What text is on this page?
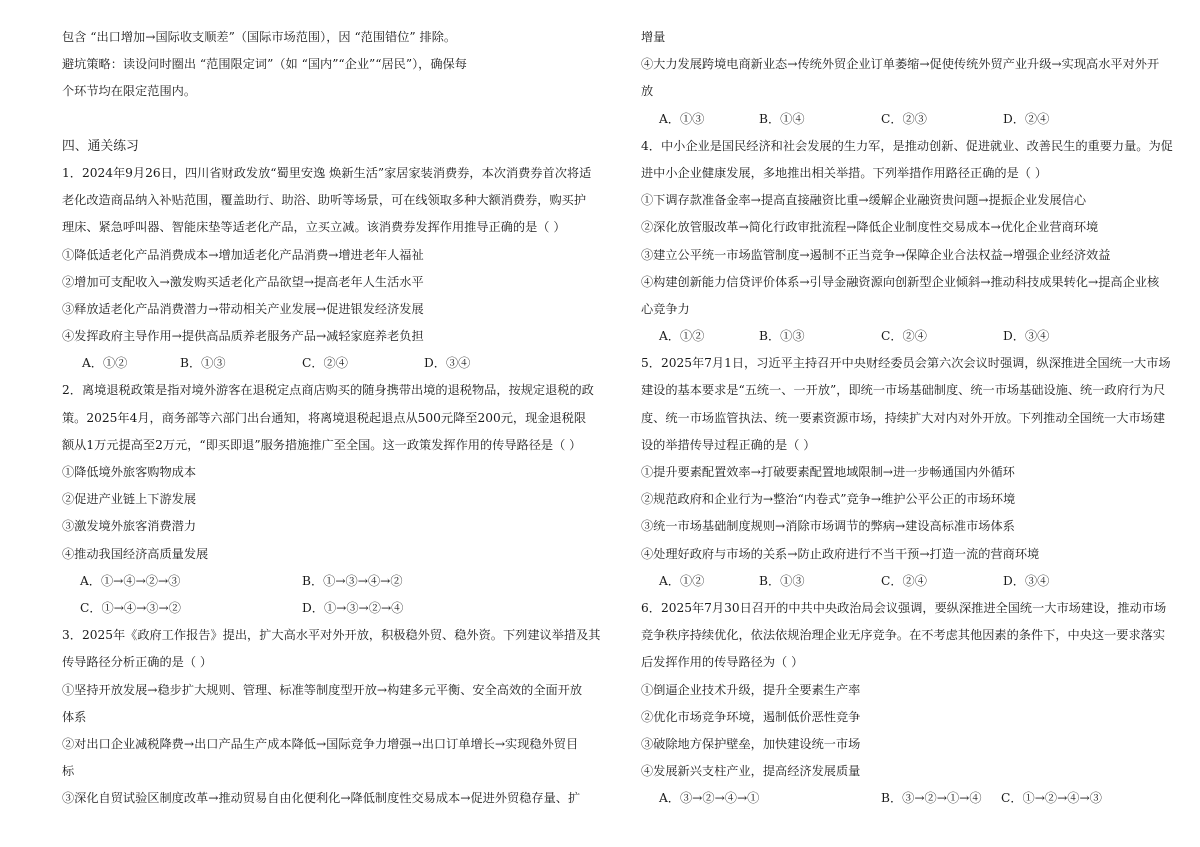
包含 “出口增加→国际收支顺差”（国际市场范围），因 “范围错位” 排除。
避坑策略：读设问时圈出 “范围限定词”（如 “国内”“企业”“居民”），确保每
个环节均在限定范围内。
四、通关练习
1．2024年9月26日，四川省财政发放“蜀里安逸 焕新生活”家居家装消费券，本次消费券首次将适
老化改造商品纳入补贴范围，覆盖助行、助浴、助听等场景，可在线领取多种大额消费券，购买护
理床、紧急呼叫器、智能床垫等适老化产品，立买立减。该消费券发挥作用推导正确的是（ ）
①降低适老化产品消费成本→增加适老化产品消费→增进老年人福祉
②增加可支配收入→激发购买适老化产品欲望→提高老年人生活水平
③释放适老化产品消费潜力→带动相关产业发展→促进银发经济发展
④发挥政府主导作用→提供高品质养老服务产品→减轻家庭养老负担
A．①②	B．①③	C．②④	D．③④
2．离境退税政策是指对境外游客在退税定点商店购买的随身携带出境的退税物品，按规定退税的政
策。2025年4月，商务部等六部门出台通知，将离境退税起退点从500元降至200元，现金退税限
额从1万元提高至2万元，“即买即退”服务措施推广至全国。这一政策发挥作用的传导路径是（ ）
①降低境外旅客购物成本
②促进产业链上下游发展
③激发境外旅客消费潜力
④推动我国经济高质量发展
A．①→④→②→③	B．①→③→④→②
C．①→④→③→②	D．①→③→②→④
3．2025年《政府工作报告》提出，扩大高水平对外开放，积极稳外贸、稳外资。下列建议举措及其
传导路径分析正确的是（ ）
①坚持开放发展→稳步扩大规则、管理、标准等制度型开放→构建多元平衡、安全高效的全面开放
体系
②对出口企业减税降费→出口产品生产成本降低→国际竞争力增强→出口订单增长→实现稳外贸目
标
③深化自贸试验区制度改革→推动贸易自由化便利化→降低制度性交易成本→促进外贸稳存量、扩
增量
④大力发展跨境电商新业态→传统外贸企业订单萎缩→促使传统外贸产业升级→实现高水平对外开
放
A．①③	B．①④	C．②③	D．②④
4．中小企业是国民经济和社会发展的生力军，是推动创新、促进就业、改善民生的重要力量。为促
进中小企业健康发展，多地推出相关举措。下列举措作用路径正确的是（ ）
①下调存款准备金率→提高直接融资比重→缓解企业融资贵问题→提振企业发展信心
②深化放管服改革→简化行政审批流程→降低企业制度性交易成本→优化企业营商环境
③建立公平统一市场监管制度→遏制不正当竞争→保障企业合法权益→增强企业经济效益
④构建创新能力信贷评价体系→引导金融资源向创新型企业倾斜→推动科技成果转化→提高企业核
心竞争力
A．①②	B．①③	C．②④	D．③④
5．2025年7月1日，习近平主持召开中央财经委员会第六次会议时强调，纵深推进全国统一大市场
建设的基本要求是“五统一、一开放”，即统一市场基础制度、统一市场基础设施、统一政府行为尺
度、统一市场监管执法、统一要素资源市场，持续扩大对内对外开放。下列推动全国统一大市场建
设的举措传导过程正确的是（ ）
①提升要素配置效率→打破要素配置地域限制→进一步畅通国内外循环
②规范政府和企业行为→整治“内卷式”竞争→维护公平公正的市场环境
③统一市场基础制度规则→消除市场调节的弊病→建设高标准市场体系
④处理好政府与市场的关系→防止政府进行不当干预→打造一流的营商环境
A．①②	B．①③	C．②④	D．③④
6．2025年7月30日召开的中共中央政治局会议强调，要纵深推进全国统一大市场建设，推动市场
竞争秩序持续优化，依法依规治理企业无序竞争。在不考虑其他因素的条件下，中央这一要求落实
后发挥作用的传导路径为（ ）
①倒逼企业技术升级，提升全要素生产率
②优化市场竞争环境，遏制低价恶性竞争
③破除地方保护壁垒，加快建设统一市场
④发展新兴支柱产业，提高经济发展质量
A．③→②→④→①	B．③→②→①→④ C．①→②→④→③
